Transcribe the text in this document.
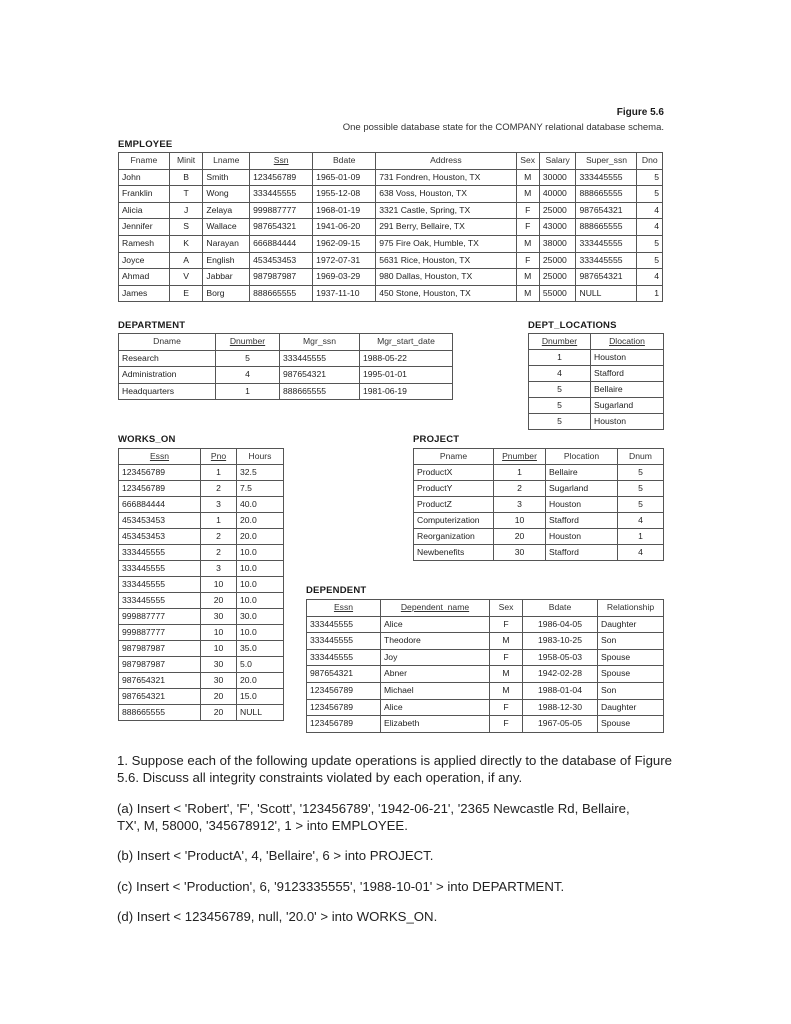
Figure 5.6
One possible database state for the COMPANY relational database schema.
EMPLOYEE
Fname	Minit	Lname	Ssn	Bdate	Address	Sex	Salary	Super_ssn	Dno
John	B	Smith	123456789	1965-01-09	731 Fondren, Houston, TX	M	30000	333445555	5
Franklin	T	Wong	333445555	1955-12-08	638 Voss, Houston, TX	M	40000	888665555	5
Alicia	J	Zelaya	999887777	1968-01-19	3321 Castle, Spring, TX	F	25000	987654321	4
Jennifer	S	Wallace	987654321	1941-06-20	291 Berry, Bellaire, TX	F	43000	888665555	4
Ramesh	K	Narayan	666884444	1962-09-15	975 Fire Oak, Humble, TX	M	38000	333445555	5
Joyce	A	English	453453453	1972-07-31	5631 Rice, Houston, TX	F	25000	333445555	5
Ahmad	V	Jabbar	987987987	1969-03-29	980 Dallas, Houston, TX	M	25000	987654321	4
James	E	Borg	888665555	1937-11-10	450 Stone, Houston, TX	M	55000	NULL	1
DEPARTMENT
Dname	Dnumber	Mgr_ssn	Mgr_start_date
Research	5	333445555	1988-05-22
Administration	4	987654321	1995-01-01
Headquarters	1	888665555	1981-06-19
DEPT_LOCATIONS
Dnumber	Dlocation
1	Houston
4	Stafford
5	Bellaire
5	Sugarland
5	Houston
WORKS_ON
Essn	Pno	Hours
123456789	1	32.5
123456789	2	7.5
666884444	3	40.0
453453453	1	20.0
453453453	2	20.0
333445555	2	10.0
333445555	3	10.0
333445555	10	10.0
333445555	20	10.0
999887777	30	30.0
999887777	10	10.0
987987987	10	35.0
987987987	30	5.0
987654321	30	20.0
987654321	20	15.0
888665555	20	NULL
PROJECT
Pname	Pnumber	Plocation	Dnum
ProductX	1	Bellaire	5
ProductY	2	Sugarland	5
ProductZ	3	Houston	5
Computerization	10	Stafford	4
Reorganization	20	Houston	1
Newbenefits	30	Stafford	4
DEPENDENT
Essn	Dependent_name	Sex	Bdate	Relationship
333445555	Alice	F	1986-04-05	Daughter
333445555	Theodore	M	1983-10-25	Son
333445555	Joy	F	1958-05-03	Spouse
987654321	Abner	M	1942-02-28	Spouse
123456789	Michael	M	1988-01-04	Son
123456789	Alice	F	1988-12-30	Daughter
123456789	Elizabeth	F	1967-05-05	Spouse
1. Suppose each of the following update operations is applied directly to the database of Figure 5.6. Discuss all integrity constraints violated by each operation, if any.
(a) Insert < 'Robert', 'F', 'Scott', '123456789', '1942-06-21', '2365 Newcastle Rd, Bellaire, TX', M, 58000, '345678912', 1 > into EMPLOYEE.
(b) Insert < 'ProductA', 4, 'Bellaire', 6 > into PROJECT.
(c) Insert < 'Production', 6, '9123335555', '1988-10-01' > into DEPARTMENT.
(d) Insert < 123456789, null, '20.0' > into WORKS_ON.
